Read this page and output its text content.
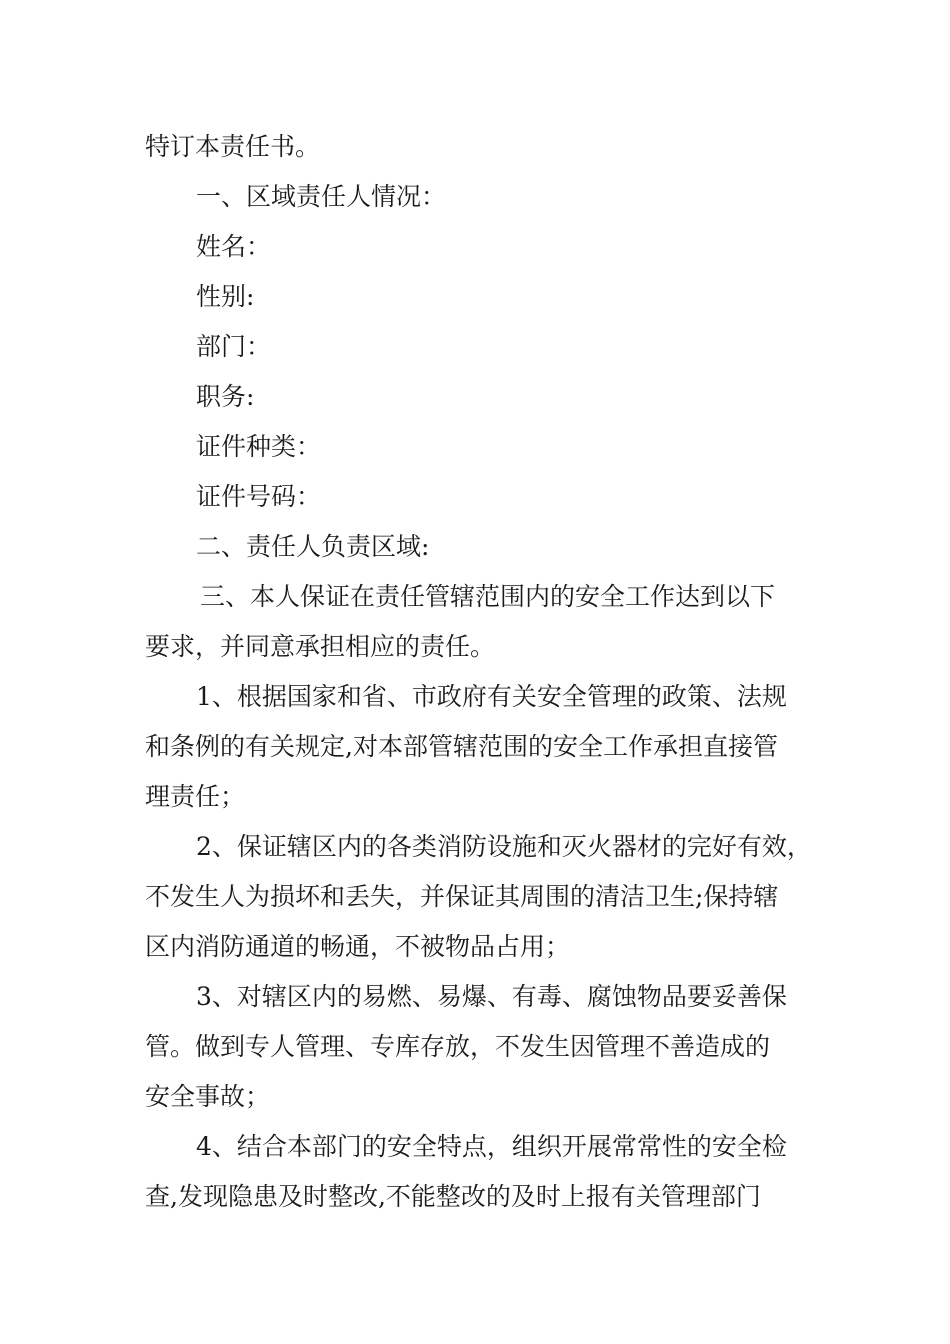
特订本责任书。
一、区域责任人情况：
姓名：
性别:
部门：
职务:
证件种类：
证件号码：
二、责任人负责区域:
三、本人保证在责任管辖范围内的安全工作达到以下
要求，并同意承担相应的责任。
1、根据国家和省、市政府有关安全管理的政策、法规
和条例的有关规定,对本部管辖范围的安全工作承担直接管
理责任；
2、保证辖区内的各类消防设施和灭火器材的完好有效，
不发生人为损坏和丢失，并保证其周围的清洁卫生;保持辖
区内消防通道的畅通，不被物品占用；
3、对辖区内的易燃、易爆、有毒、腐蚀物品要妥善保
管。做到专人管理、专库存放，不发生因管理不善造成的
安全事故；
4、结合本部门的安全特点，组织开展常常性的安全检
查,发现隐患及时整改,不能整改的及时上报有关管理部门
